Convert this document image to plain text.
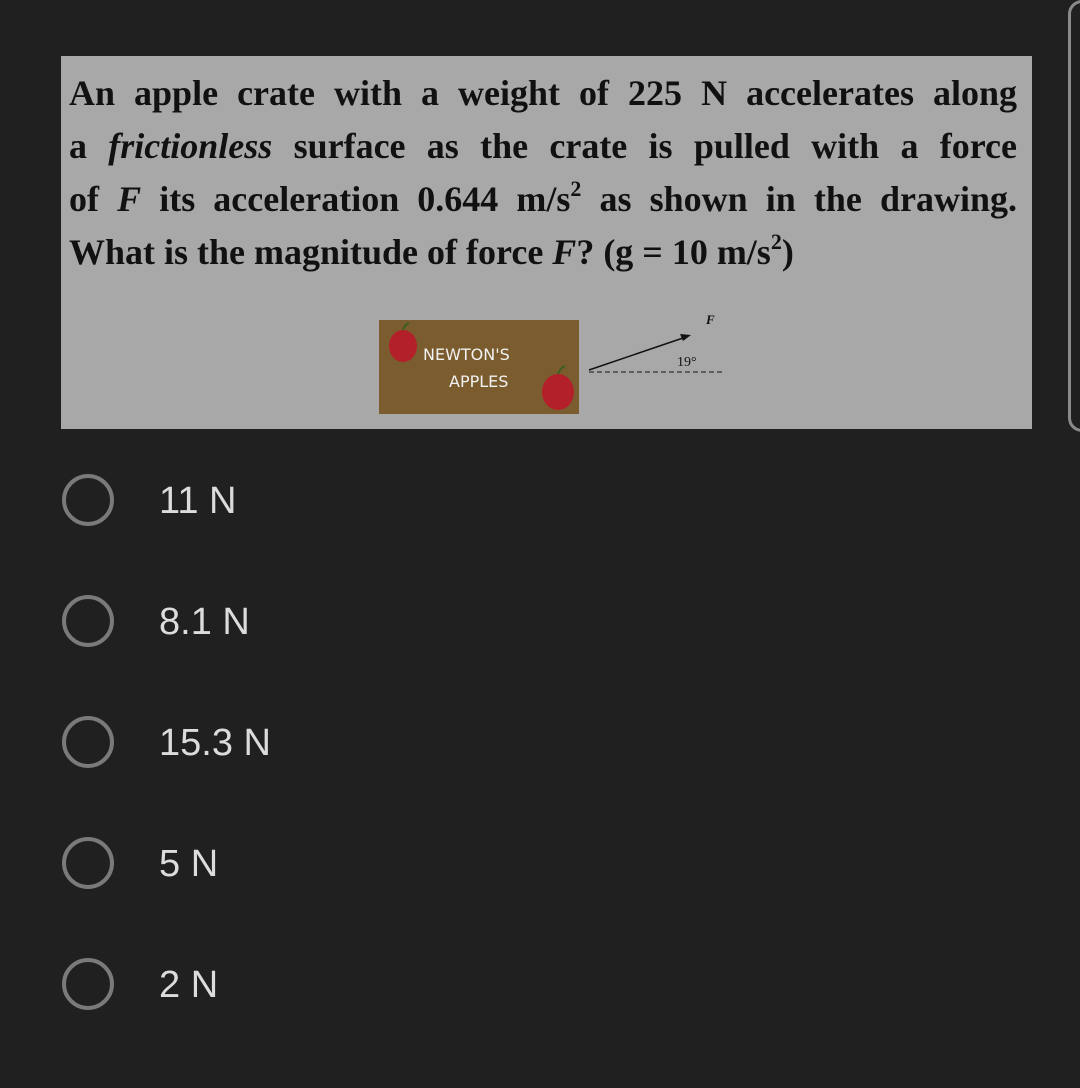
An apple crate with a weight of 225 N accelerates along
a frictionless surface as the crate is pulled with a force
of F its acceleration 0.644 $m/s^2$ as shown in the drawing.
What is the magnitude of force F? (g = 10 $m/s^2$)
NEWTON'S
APPLES
F
19°
11 N
8.1 N
15.3 N
5 N
2 N
